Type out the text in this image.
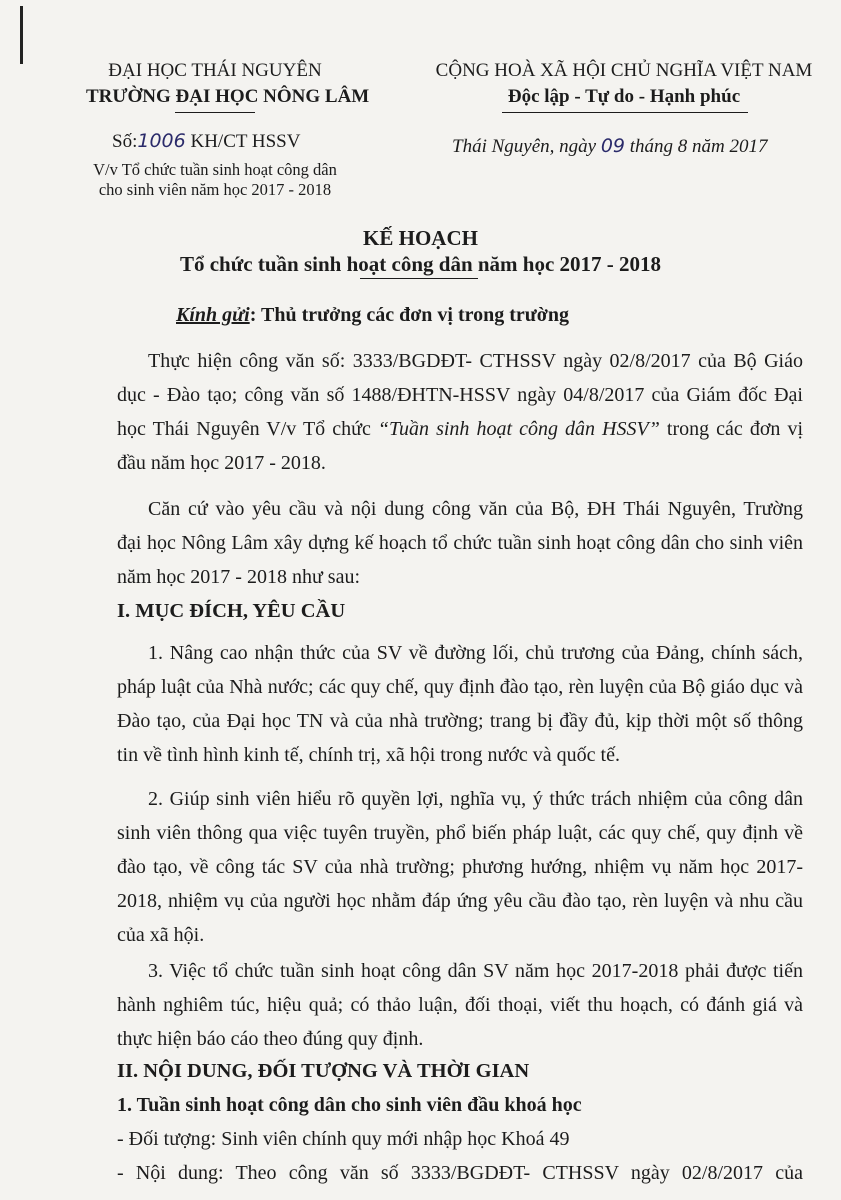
ĐẠI HỌC THÁI NGUYÊN
TRƯỜNG ĐẠI HỌC NÔNG LÂM
CỘNG HOÀ XÃ HỘI CHỦ NGHĨA VIỆT NAM
Độc lập - Tự do - Hạnh phúc
Số:1006 KH/CT HSSV
V/v Tổ chức tuần sinh hoạt công dân
cho sinh viên năm học 2017 - 2018
Thái Nguyên, ngày 09 tháng 8 năm 2017
KẾ HOẠCH
Tổ chức tuần sinh hoạt công dân năm học 2017 - 2018
Kính gửi: Thủ trưởng các đơn vị trong trường
Thực hiện công văn số: 3333/BGDĐT- CTHSSV ngày 02/8/2017 của Bộ Giáo
dục - Đào tạo; công văn số 1488/ĐHTN-HSSV ngày 04/8/2017 của Giám đốc Đại
học Thái Nguyên V/v Tổ chức “Tuần sinh hoạt công dân HSSV” trong các đơn vị
đầu năm học 2017 - 2018.
Căn cứ vào yêu cầu và nội dung công văn của Bộ, ĐH Thái Nguyên, Trường
đại học Nông Lâm xây dựng kế hoạch tổ chức tuần sinh hoạt công dân cho sinh viên
năm học 2017 - 2018 như sau:
I. MỤC ĐÍCH, YÊU CẦU
1. Nâng cao nhận thức của SV về đường lối, chủ trương của Đảng, chính sách,
pháp luật của Nhà nước; các quy chế, quy định đào tạo, rèn luyện của Bộ giáo dục và
Đào tạo, của Đại học TN và của nhà trường; trang bị đầy đủ, kịp thời một số thông
tin về tình hình kinh tế, chính trị, xã hội trong nước và quốc tế.
2. Giúp sinh viên hiểu rõ quyền lợi, nghĩa vụ, ý thức trách nhiệm của công dân
sinh viên thông qua việc tuyên truyền, phổ biến pháp luật, các quy chế, quy định về
đào tạo, về công tác SV của nhà trường; phương hướng, nhiệm vụ năm học 2017-
2018, nhiệm vụ của người học nhằm đáp ứng yêu cầu đào tạo, rèn luyện và nhu cầu
của xã hội.
3. Việc tổ chức tuần sinh hoạt công dân SV năm học 2017-2018 phải được tiến
hành nghiêm túc, hiệu quả; có thảo luận, đối thoại, viết thu hoạch, có đánh giá và
thực hiện báo cáo theo đúng quy định.
II. NỘI DUNG, ĐỐI TƯỢNG VÀ THỜI GIAN
1. Tuần sinh hoạt công dân cho sinh viên đầu khoá học
- Đối tượng: Sinh viên chính quy mới nhập học Khoá 49
- Nội dung: Theo công văn số 3333/BGDĐT- CTHSSV ngày 02/8/2017 của
